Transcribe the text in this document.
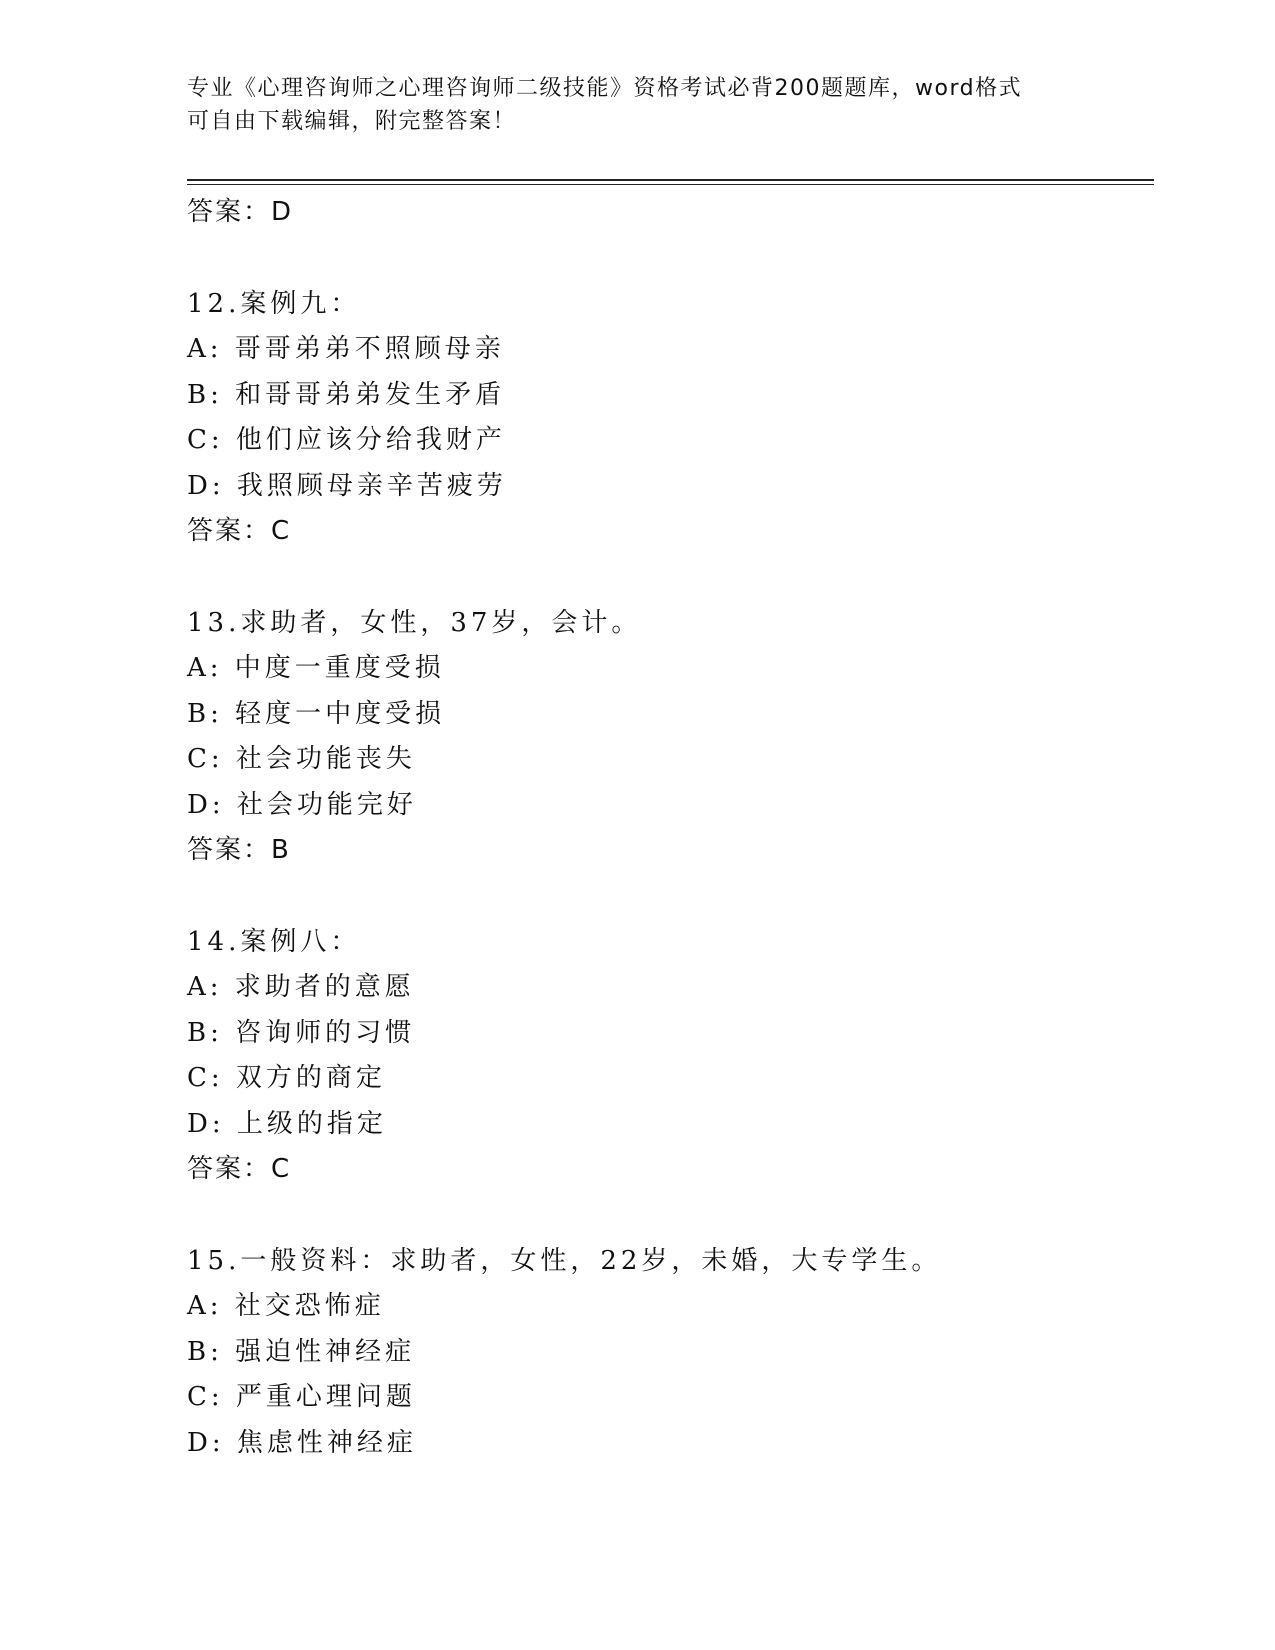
专业《心理咨询师之心理咨询师二级技能》资格考试必背200题题库，word格式
可自由下载编辑，附完整答案！
答案：D
12.案例九：
A: 哥哥弟弟不照顾母亲
B: 和哥哥弟弟发生矛盾
C: 他们应该分给我财产
D: 我照顾母亲辛苦疲劳
答案：C
13.求助者，女性，37岁，会计。
A: 中度一重度受损
B: 轻度一中度受损
C: 社会功能丧失
D: 社会功能完好
答案：B
14.案例八：
A: 求助者的意愿
B: 咨询师的习惯
C: 双方的商定
D: 上级的指定
答案：C
15.一般资料：求助者，女性，22岁，未婚，大专学生。
A: 社交恐怖症
B: 强迫性神经症
C: 严重心理问题
D: 焦虑性神经症
